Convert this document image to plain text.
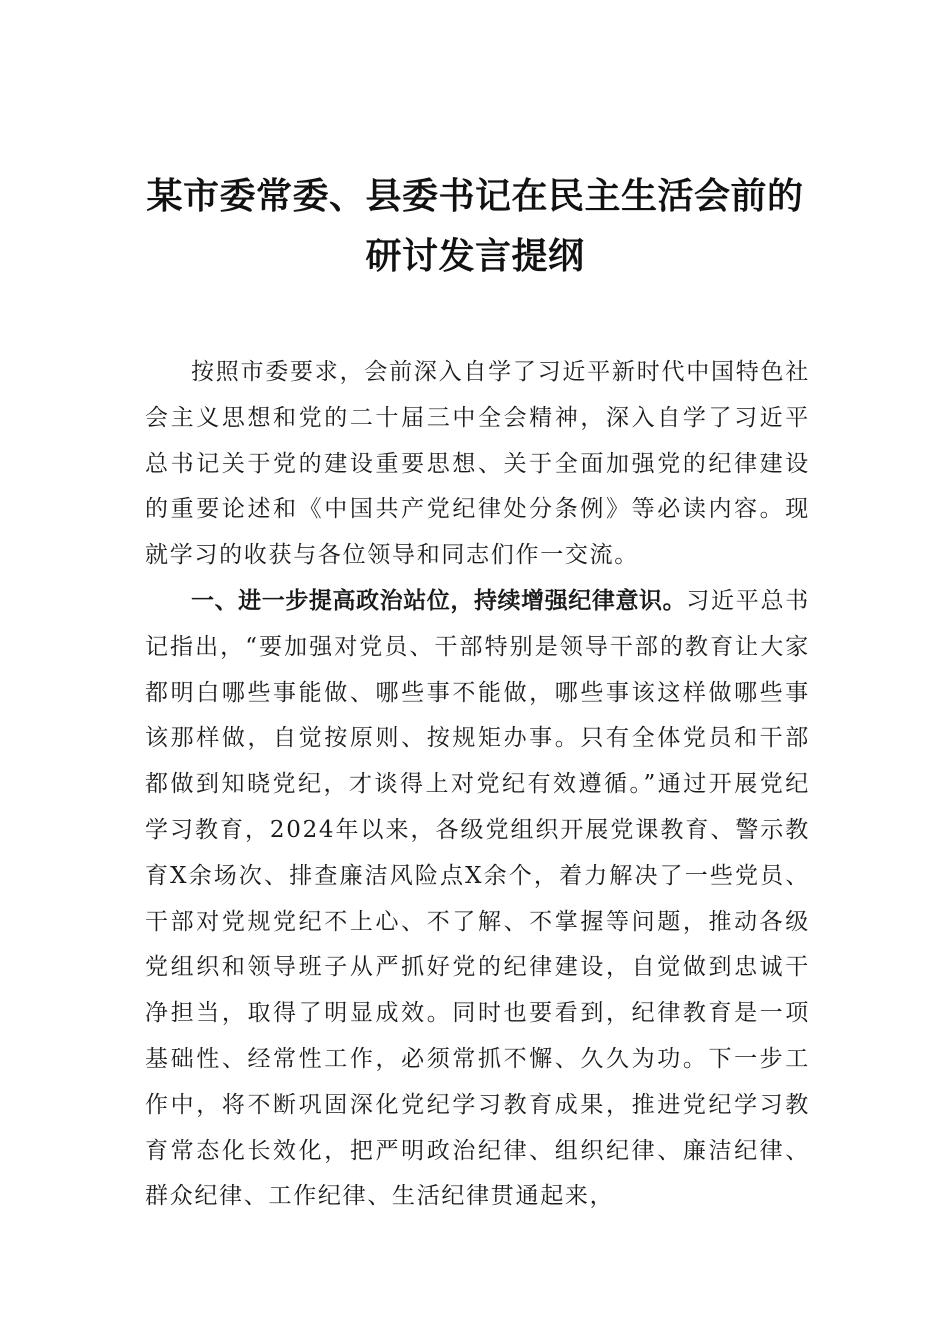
某市委常委、县委书记在民主生活会前的
研讨发言提纲

按照市委要求，会前深入自学了习近平新时代中国特色社会主义思想和党的二十届三中全会精神，深入自学了习近平总书记关于党的建设重要思想、关于全面加强党的纪律建设的重要论述和《中国共产党纪律处分条例》等必读内容。现就学习的收获与各位领导和同志们作一交流。

一、进一步提高政治站位，持续增强纪律意识。习近平总书记指出，“要加强对党员、干部特别是领导干部的教育让大家都明白哪些事能做、哪些事不能做，哪些事该这样做哪些事该那样做，自觉按原则、按规矩办事。只有全体党员和干部都做到知晓党纪，才谈得上对党纪有效遵循。”通过开展党纪学习教育，2024年以来，各级党组织开展党课教育、警示教育X余场次、排查廉洁风险点X余个，着力解决了一些党员、干部对党规党纪不上心、不了解、不掌握等问题，推动各级党组织和领导班子从严抓好党的纪律建设，自觉做到忠诚干净担当，取得了明显成效。同时也要看到，纪律教育是一项基础性、经常性工作，必须常抓不懈、久久为功。下一步工作中，将不断巩固深化党纪学习教育成果，推进党纪学习教育常态化长效化，把严明政治纪律、组织纪律、廉洁纪律、群众纪律、工作纪律、生活纪律贯通起来，
